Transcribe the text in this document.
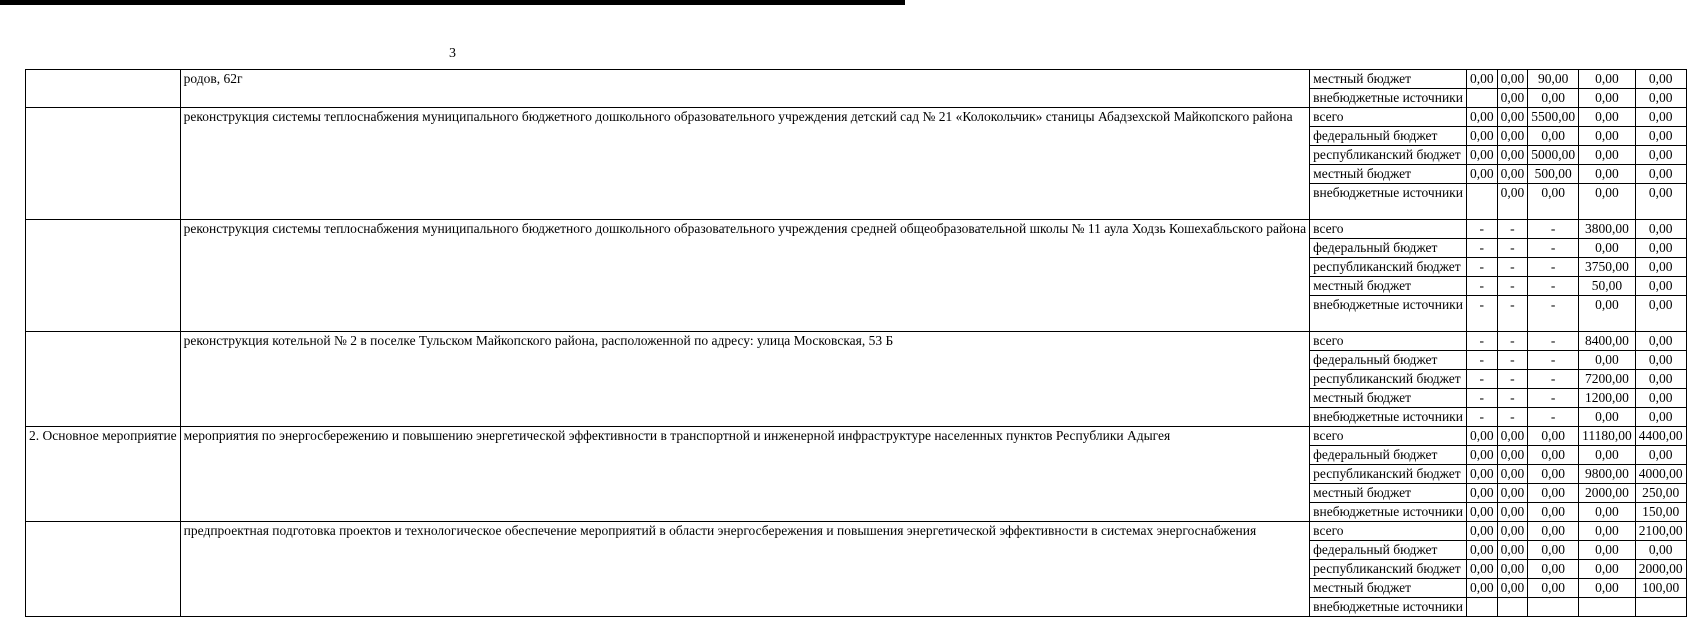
3
	родов, 62г	местный бюджет	0,00	0,00	90,00	0,00	0,00
		внебюджетные источники		0,00	0,00	0,00	0,00
	реконструкция системы теплоснабжения муниципального бюджетного дошкольного образовательного учреждения детский сад № 21 «Колокольчик» станицы Абадзехской Майкопского района	всего	0,00	0,00	5500,00	0,00	0,00
		федеральный бюджет	0,00	0,00	0,00	0,00	0,00
		республиканский бюджет	0,00	0,00	5000,00	0,00	0,00
		местный бюджет	0,00	0,00	500,00	0,00	0,00
		внебюджетные источники		0,00	0,00	0,00	0,00
	реконструкция системы теплоснабжения муниципального бюджетного дошкольного образовательного учреждения средней общеобразовательной школы № 11 аула Ходзь Кошехабльского района	всего	-	-	-	3800,00	0,00
		федеральный бюджет	-	-	-	0,00	0,00
		республиканский бюджет	-	-	-	3750,00	0,00
		местный бюджет	-	-	-	50,00	0,00
		внебюджетные источники	-	-	-	0,00	0,00
	реконструкция котельной № 2 в поселке Тульском Майкопского района, расположенной по адресу: улица Московская, 53 Б	всего	-	-	-	8400,00	0,00
		федеральный бюджет	-	-	-	0,00	0,00
		республиканский бюджет	-	-	-	7200,00	0,00
		местный бюджет	-	-	-	1200,00	0,00
		внебюджетные источники	-	-	-	0,00	0,00
2. Основное мероприятие	мероприятия по энергосбережению и повышению энергетической эффективности в транспортной и инженерной инфраструктуре населенных пунктов Республики Адыгея	всего	0,00	0,00	0,00	11180,00	4400,00
		федеральный бюджет	0,00	0,00	0,00	0,00	0,00
		республиканский бюджет	0,00	0,00	0,00	9800,00	4000,00
		местный бюджет	0,00	0,00	0,00	2000,00	250,00
		внебюджетные источники	0,00	0,00	0,00	0,00	150,00
	предпроектная подготовка проектов и технологическое обеспечение мероприятий в области энергосбережения и повышения энергетической эффективности в системах энергоснабжения	всего	0,00	0,00	0,00	0,00	2100,00
		федеральный бюджет	0,00	0,00	0,00	0,00	0,00
		республиканский бюджет	0,00	0,00	0,00	0,00	2000,00
		местный бюджет	0,00	0,00	0,00	0,00	100,00
		внебюджетные источники					
